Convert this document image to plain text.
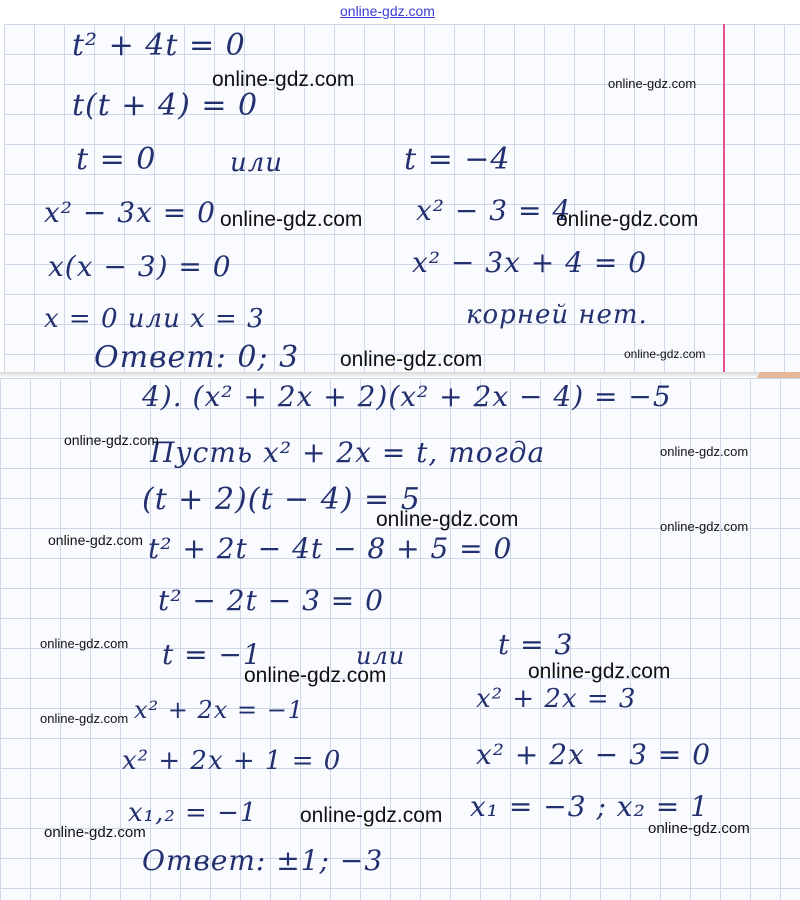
online-gdz.com
t² + 4t = 0
t(t + 4) = 0
t = 0	или	t = −4
x² − 3x = 0	x² − 3 = 4
x(x − 3) = 0	x² − 3x + 4 = 0
x = 0 или x = 3	корней нет.
Ответ: 0; 3
4). (x² + 2x + 2)(x² + 2x − 4) = −5
Пусть x² + 2x = t, тогда
(t + 2)(t − 4) = 5
t² + 2t − 4t − 8 + 5 = 0
t² − 2t − 3 = 0
t = −1	или	t = 3
x² + 2x = −1	x² + 2x = 3
x² + 2x + 1 = 0	x² + 2x − 3 = 0
x₁,₂ = −1	x₁ = −3 ; x₂ = 1
Ответ: ±1; −3
online-gdz.com	online-gdz.com
online-gdz.com	online-gdz.com
online-gdz.com	online-gdz.com
online-gdz.com
online-gdz.com
online-gdz.com	online-gdz.com
online-gdz.com
online-gdz.com
online-gdz.com
online-gdz.com
online-gdz.com
online-gdz.com
online-gdz.com
online-gdz.com
